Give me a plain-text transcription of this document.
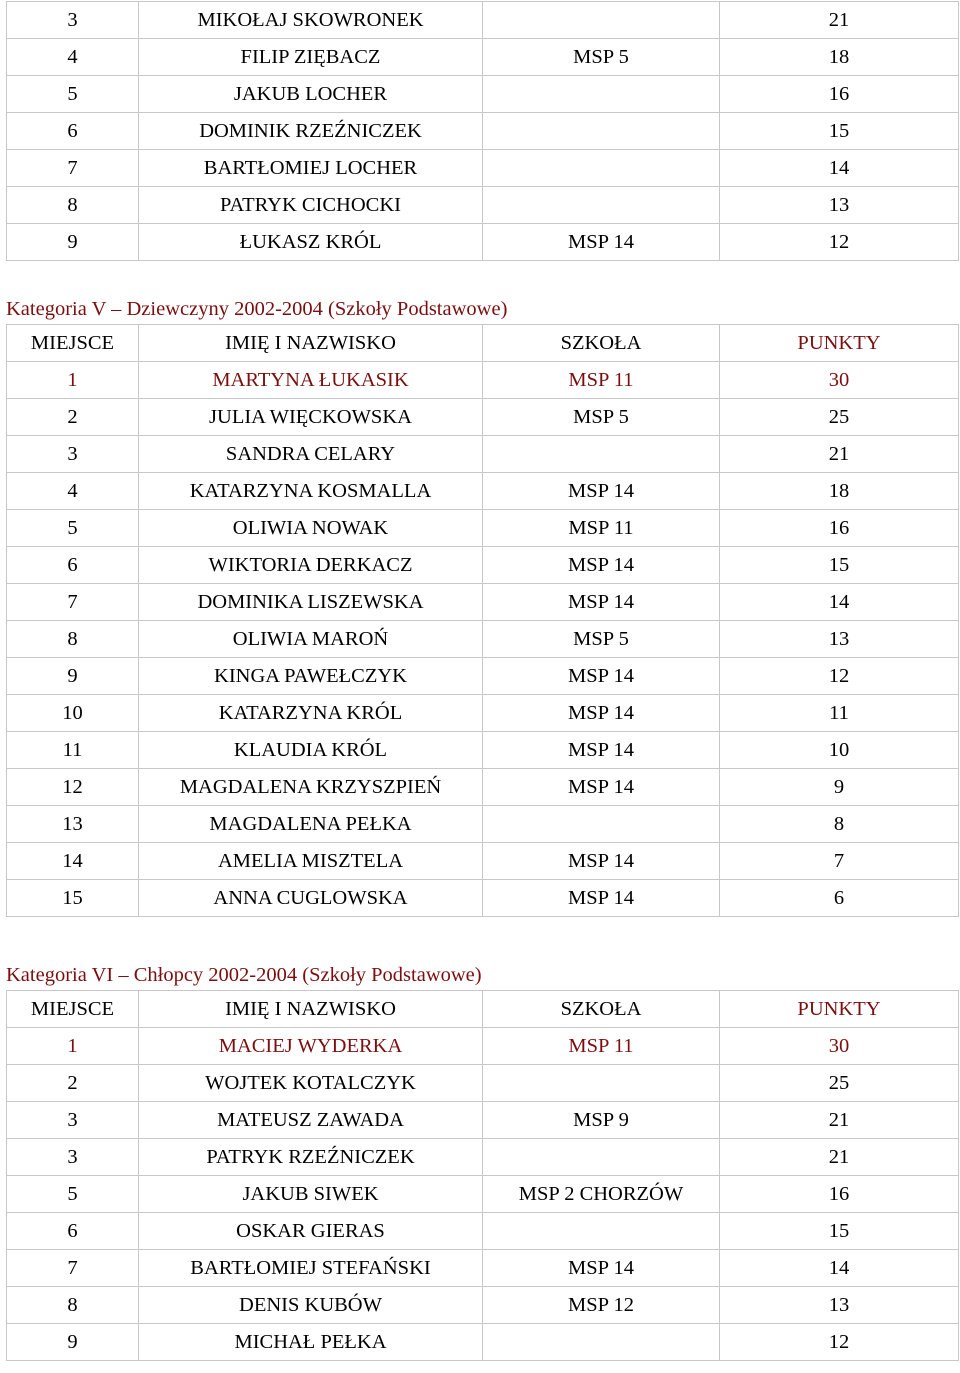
3	MIKOŁAJ SKOWRONEK		21
4	FILIP ZIĘBACZ	MSP 5	18
5	JAKUB LOCHER		16
6	DOMINIK RZEŹNICZEK		15
7	BARTŁOMIEJ LOCHER		14
8	PATRYK CICHOCKI		13
9	ŁUKASZ KRÓL	MSP 14	12
Kategoria V – Dziewczyny 2002-2004 (Szkoły Podstawowe)
MIEJSCE	IMIĘ I NAZWISKO	SZKOŁA	PUNKTY
1	MARTYNA ŁUKASIK	MSP 11	30
2	JULIA WIĘCKOWSKA	MSP 5	25
3	SANDRA CELARY		21
4	KATARZYNA KOSMALLA	MSP 14	18
5	OLIWIA NOWAK	MSP 11	16
6	WIKTORIA DERKACZ	MSP 14	15
7	DOMINIKA LISZEWSKA	MSP 14	14
8	OLIWIA MAROŃ	MSP 5	13
9	KINGA PAWEŁCZYK	MSP 14	12
10	KATARZYNA KRÓL	MSP 14	11
11	KLAUDIA KRÓL	MSP 14	10
12	MAGDALENA KRZYSZPIEŃ	MSP 14	9
13	MAGDALENA PEŁKA		8
14	AMELIA MISZTELA	MSP 14	7
15	ANNA CUGLOWSKA	MSP 14	6
Kategoria VI – Chłopcy 2002-2004 (Szkoły Podstawowe)
MIEJSCE	IMIĘ I NAZWISKO	SZKOŁA	PUNKTY
1	MACIEJ WYDERKA	MSP 11	30
2	WOJTEK KOTALCZYK		25
3	MATEUSZ ZAWADA	MSP 9	21
3	PATRYK RZEŹNICZEK		21
5	JAKUB SIWEK	MSP 2 CHORZÓW	16
6	OSKAR GIERAS		15
7	BARTŁOMIEJ STEFAŃSKI	MSP 14	14
8	DENIS KUBÓW	MSP 12	13
9	MICHAŁ PEŁKA		12
